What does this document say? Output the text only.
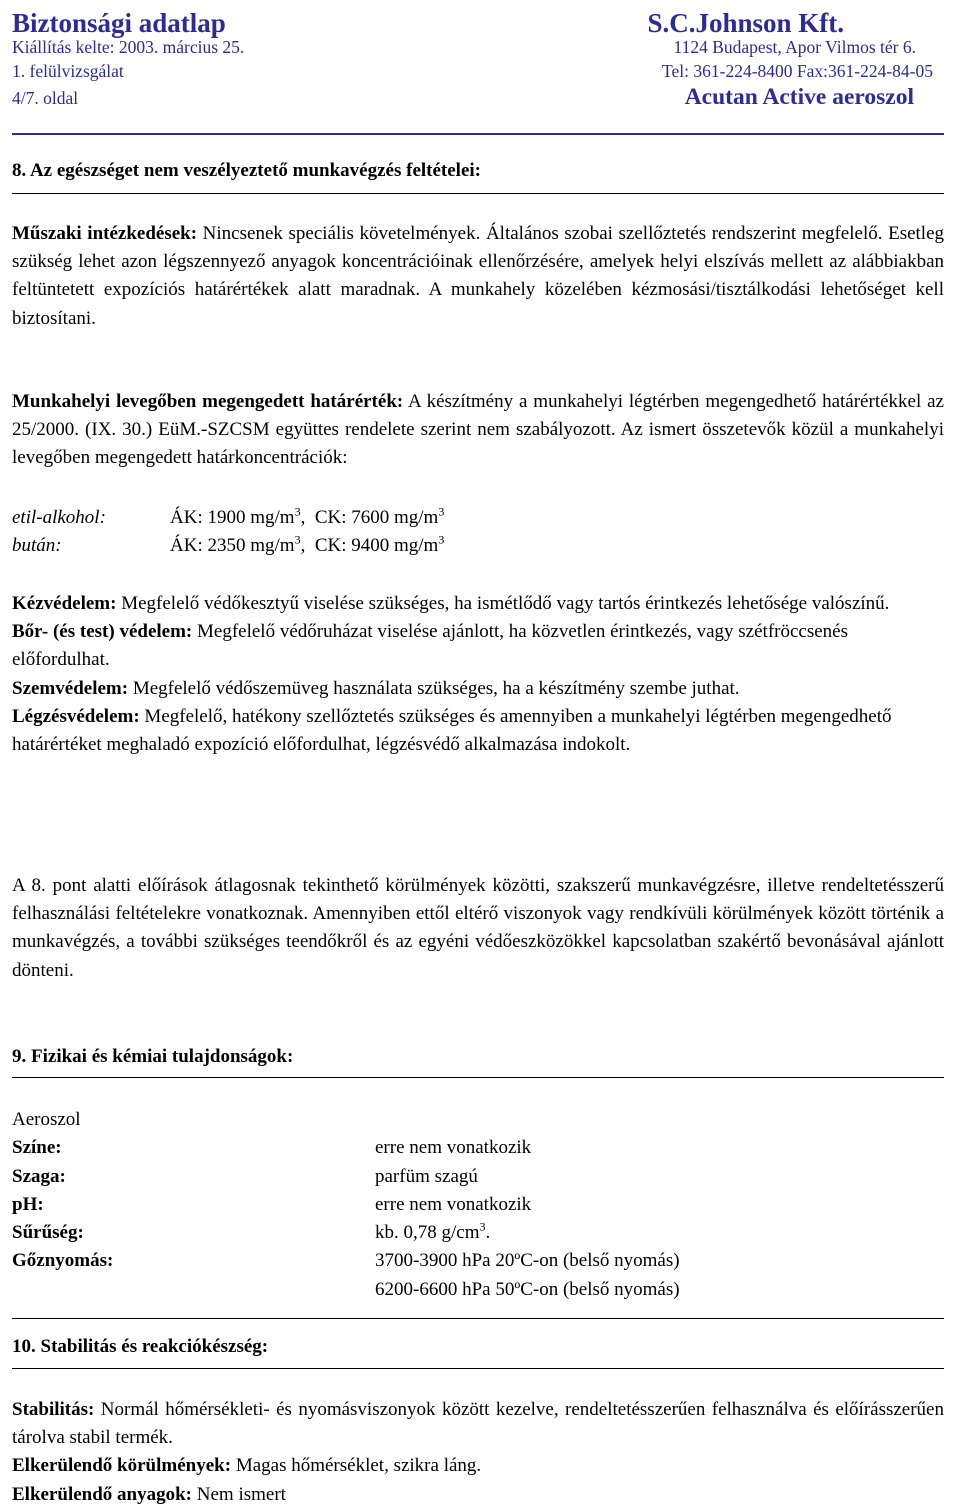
Biztonsági adatlap	S.C.Johnson Kft.
Kiállítás kelte: 2003. március 25.	1124 Budapest, Apor Vilmos tér 6.
1. felülvizsgálat	Tel: 361-224-8400 Fax:361-224-84-05
4/7. oldal	Acutan Active aeroszol
8. Az egészséget nem veszélyeztető munkavégzés feltételei:

Műszaki intézkedések: Nincsenek speciális követelmények. Általános szobai szellőztetés rendszerint megfelelő. Esetleg szükség lehet azon légszennyező anyagok koncentrációinak ellenőrzésére, amelyek helyi elszívás mellett az alábbiakban feltüntetett expozíciós határértékek alatt maradnak. A munkahely közelében kézmosási/tisztálkodási lehetőséget kell biztosítani.

Munkahelyi levegőben megengedett határérték: A készítmény a munkahelyi légtérben megengedhető határértékkel az 25/2000. (IX. 30.) EüM.-SZCSM együttes rendelete szerint nem szabályozott. Az ismert összetevők közül a munkahelyi levegőben megengedett határkoncentrációk:

etil-alkohol:	ÁK: 1900 $mg/m^3$,  CK: 7600 $mg/m^3$
bután:	ÁK: 2350 $mg/m^3$,  CK: 9400 $mg/m^3$

Kézvédelem: Megfelelő védőkesztyű viselése szükséges, ha ismétlődő vagy tartós érintkezés lehetősége valószínű.

Bőr- (és test) védelem: Megfelelő védőruházat viselése ajánlott, ha közvetlen érintkezés, vagy szétfröccsenés előfordulhat.

Szemvédelem: Megfelelő védőszemüveg használata szükséges, ha a készítmény szembe juthat.

Légzésvédelem: Megfelelő, hatékony szellőztetés szükséges és amennyiben a munkahelyi légtérben megengedhető határértéket meghaladó expozíció előfordulhat, légzésvédő alkalmazása indokolt.

A 8. pont alatti előírások átlagosnak tekinthető körülmények közötti, szakszerű munkavégzésre, illetve rendeltetésszerű felhasználási feltételekre vonatkoznak. Amennyiben ettől eltérő viszonyok vagy rendkívüli körülmények között történik a munkavégzés, a további szükséges teendőkről és az egyéni védőeszközökkel kapcsolatban szakértő bevonásával ajánlott dönteni.

9. Fizikai és kémiai tulajdonságok:
Aeroszol
Színe:	erre nem vonatkozik
Szaga:	parfüm szagú
pH:	erre nem vonatkozik
Sűrűség:	kb. 0,78 $g/cm^3$.
Gőznyomás:	3700-3900 hPa 20ºC-on (belső nyomás)
6200-6600 hPa 50ºC-on (belső nyomás)
10. Stabilitás és reakciókészség:

Stabilitás: Normál hőmérsékleti- és nyomásviszonyok között kezelve, rendeltetésszerűen felhasználva és előírásszerűen tárolva stabil termék.

Elkerülendő körülmények: Magas hőmérséklet, szikra láng.

Elkerülendő anyagok: Nem ismert
